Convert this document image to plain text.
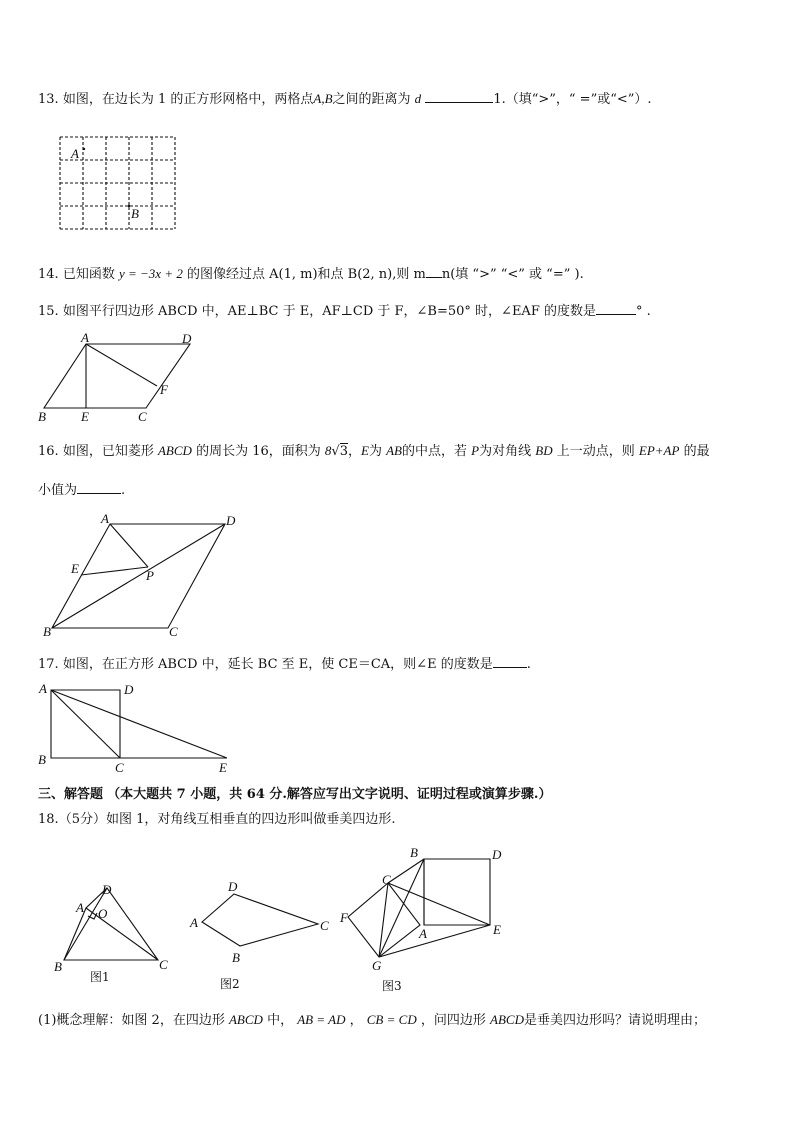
13. 如图，在边长为 1 的正方形网格中，两格点A,B之间的距离为 d	1.（填“>”，“ =”或“<”）.
A
B
14. 已知函数 y = −3x + 2 的图像经过点 A(1, m)和点 B(2, n),则 m n(填 “>” “<” 或 “=” ).
15. 如图平行四边形 ABCD 中，AE⊥BC 于 E，AF⊥CD 于 F，∠B=50° 时，∠EAF 的度数是	° .
A	D
B	E	C
F
16. 如图，已知菱形 ABCD 的周长为 16，面积为 8√3，E为 AB的中点，若 P为对角线 BD 上一动点，则 EP+AP 的最
小值为	.
A	D
E	P
B	C
17. 如图，在正方形 ABCD 中，延长 BC 至 E，使 CE＝CA，则∠E 的度数是	.
A	D
B
C	E
三、解答题 （本大题共 7 小题，共 64 分.解答应写出文字说明、证明过程或演算步骤.）
18.（5分）如图 1，对角线互相垂直的四边形叫做垂美四边形.
D
A O
B	C
图1
D
A	C
B
图2
B	D
C
F
A	E
G
图3
(1)概念理解：如图 2，在四边形 ABCD 中， AB = AD ， CB = CD ，问四边形 ABCD是垂美四边形吗？请说明理由；
